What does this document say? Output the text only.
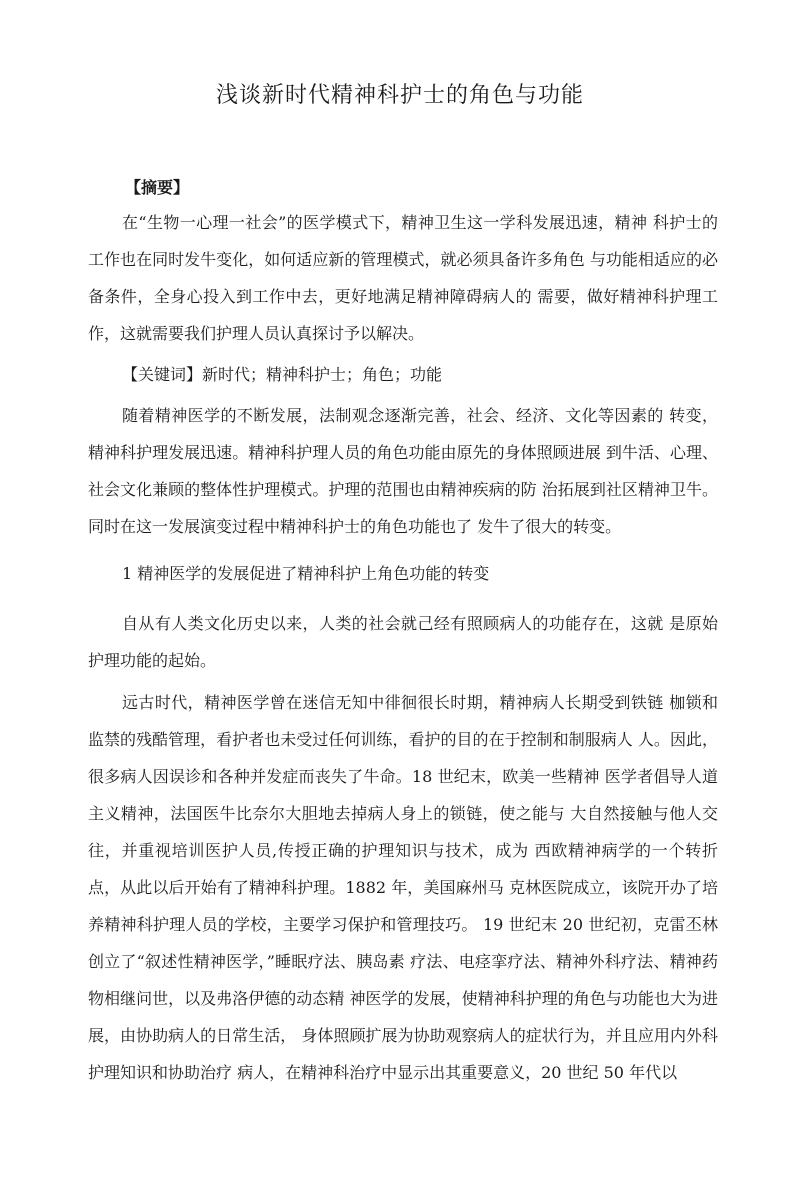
浅谈新时代精神科护士的角色与功能
【摘要】

在“生物一心理一社会”的医学模式下，精神卫生这一学科发展迅速，精神 科护士的工作也在同时发牛变化，如何适应新的管理模式，就必须具备许多角色 与功能相适应的必备条件，全身心投入到工作中去，更好地满足精神障碍病人的 需要，做好精神科护理工作，这就需要我们护理人员认真探讨予以解决。

【关键词】新时代；精神科护士；角色；功能

随着精神医学的不断发展，法制观念逐渐完善，社会、经济、文化等因素的 转变，精神科护理发展迅速。精神科护理人员的角色功能由原先的身体照顾进展 到牛活、心理、社会文化兼顾的整体性护理模式。护理的范围也由精神疾病的防 治拓展到社区精神卫牛。同时在这一发展演变过程中精神科护士的角色功能也了 发牛了很大的转变。

1 精神医学的发展促进了精神科护上角色功能的转变

自从有人类文化历史以来，人类的社会就己经有照顾病人的功能存在，这就 是原始护理功能的起始。

远古时代，精神医学曾在迷信无知中徘徊很长时期，精神病人长期受到铁链 枷锁和监禁的残酷管理，看护者也未受过任何训练，看护的目的在于控制和制服病人 人。因此，很多病人因误诊和各种并发症而丧失了牛命。18 世纪末，欧美一些精神 医学者倡导人道主义精神，法国医牛比奈尔大胆地去掉病人身上的锁链，使之能与 大自然接触与他人交往，并重视培训医护人员,传授正确的护理知识与技术，成为 西欧精神病学的一个转折点，从此以后开始有了精神科护理。1882 年，美国麻州马 克林医院成立，该院开办了培养精神科护理人员的学校，主要学习保护和管理技巧。 19 世纪末 20 世纪初，克雷丕林创立了“叙述性精神医学，”睡眠疗法、胰岛素 疗法、电痉挛疗法、精神外科疗法、精神药物相继问世，以及弗洛伊德的动态精 神医学的发展，使精神科护理的角色与功能也大为进展，由协助病人的日常生活， 身体照顾扩展为协助观察病人的症状行为，并且应用内外科护理知识和协助治疗 病人，在精神科治疗中显示出其重要意义，20 世纪 50 年代以
